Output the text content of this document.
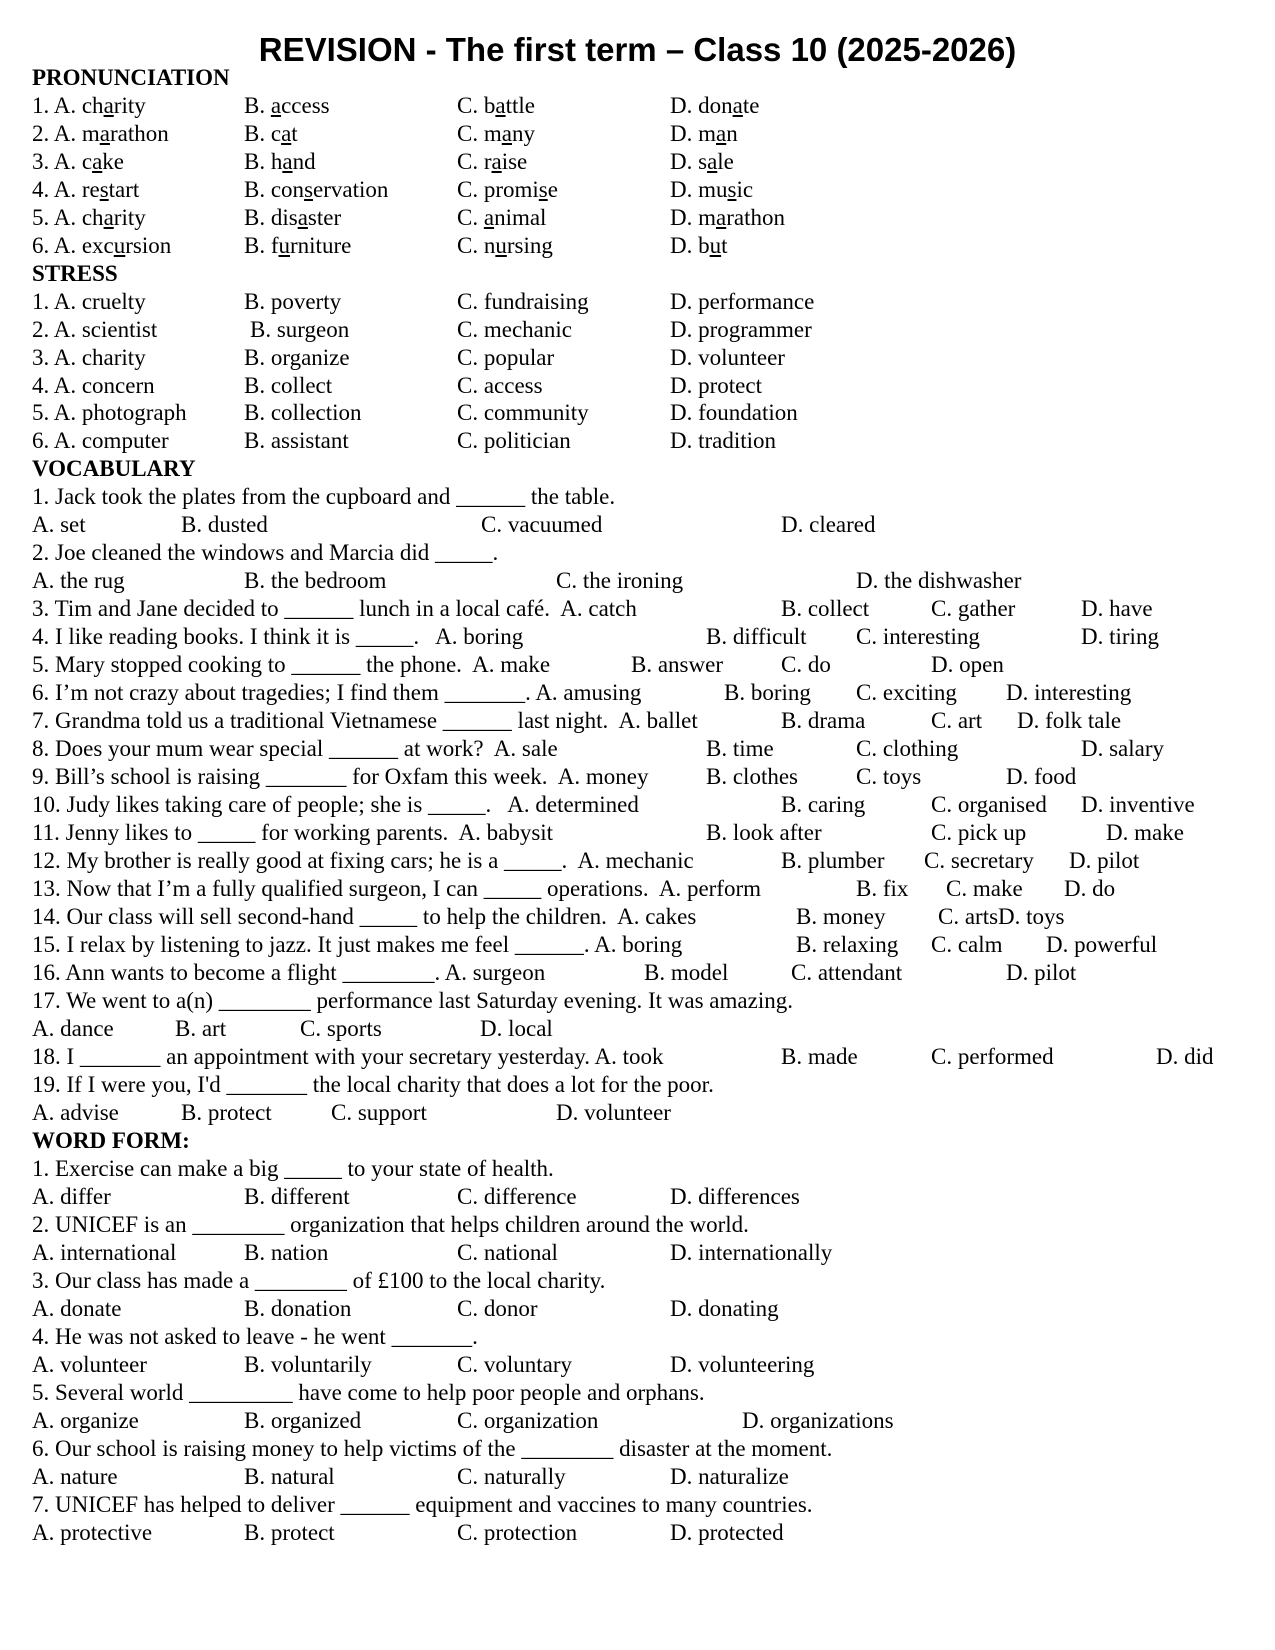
REVISION - The first term – Class 10 (2025-2026)
PRONUNCIATION
1. A. charity	B. access	C. battle	D. donate
2. A. marathon	B. cat	C. many	D. man
3. A. cake	B. hand	C. raise	D. sale
4. A. restart	B. conservation	C. promise	D. music
5. A. charity	B. disaster	C. animal	D. marathon
6. A. excursion	B. furniture	C. nursing	D. but
STRESS
1. A. cruelty	B. poverty	C. fundraising	D. performance
2. A. scientist	B. surgeon	C. mechanic	D. programmer
3. A. charity	B. organize	C. popular	D. volunteer
4. A. concern	B. collect	C. access	D. protect
5. A. photograph B. collection	C. community	D. foundation
6. A. computer	B. assistant	C. politician	D. tradition
VOCABULARY
1. Jack took the plates from the cupboard and ______ the table.
A. set	B. dusted	C. vacuumed	D. cleared
2. Joe cleaned the windows and Marcia did _____.
A. the rug	B. the bedroom	C. the ironing	D. the dishwasher
3. Tim and Jane decided to ______ lunch in a local café.  A. catch	B. collect	C. gather	D. have
4. I like reading books. I think it is _____.   A. boring	B. difficult C. interesting	D. tiring
5. Mary stopped cooking to ______ the phone.  A. make	B. answer	C. do	D. open
6. I’m not crazy about tragedies; I find them _______. A. amusing	B. boring C. exciting D. interesting
7. Grandma told us a traditional Vietnamese ______ last night.  A. ballet	B. drama	C. art D. folk tale
8. Does your mum wear special ______ at work?  A. sale	B. time	C. clothing	D. salary
9. Bill’s school is raising _______ for Oxfam this week.  A. money	B. clothes	C. toys	D. food
10. Judy likes taking care of people; she is _____.   A. determined	B. caring	C. organised D. inventive
11. Jenny likes to _____ for working parents.  A. babysit	B. look after	C. pick up	D. make
12. My brother is really good at fixing cars; he is a _____.  A. mechanic	B. plumber C. secretary D. pilot
13. Now that I’m a fully qualified surgeon, I can _____ operations.  A. perform	B. fix C. make D. do
14. Our class will sell second-hand _____ to help the children.  A. cakes	B. money C. artsD. toys
15. I relax by listening to jazz. It just makes me feel ______. A. boring	B. relaxing C. calm D. powerful
16. Ann wants to become a flight ________. A. surgeon	B. model	C. attendant	D. pilot
17. We went to a(n) ________ performance last Saturday evening. It was amazing.
A. dance	B. art	C. sports	D. local
18. I _______ an appointment with your secretary yesterday. A. took	B. made	C. performed	D. did
19. If I were you, I'd _______ the local charity that does a lot for the poor.
A. advise	B. protect	C. support	D. volunteer
WORD FORM:
1. Exercise can make a big _____ to your state of health.
A. differ	B. different	C. difference	D. differences
2. UNICEF is an ________ organization that helps children around the world.
A. international	B. nation	C. national	D. internationally
3. Our class has made a ________ of £100 to the local charity.
A. donate	B. donation	C. donor	D. donating
4. He was not asked to leave - he went _______.
A. volunteer	B. voluntarily	C. voluntary	D. volunteering
5. Several world _________ have come to help poor people and orphans.
A. organize	B. organized	C. organization	D. organizations
6. Our school is raising money to help victims of the ________ disaster at the moment.
A. nature	B. natural	C. naturally	D. naturalize
7. UNICEF has helped to deliver ______ equipment and vaccines to many countries.
A. protective	B. protect	C. protection	D. protected
